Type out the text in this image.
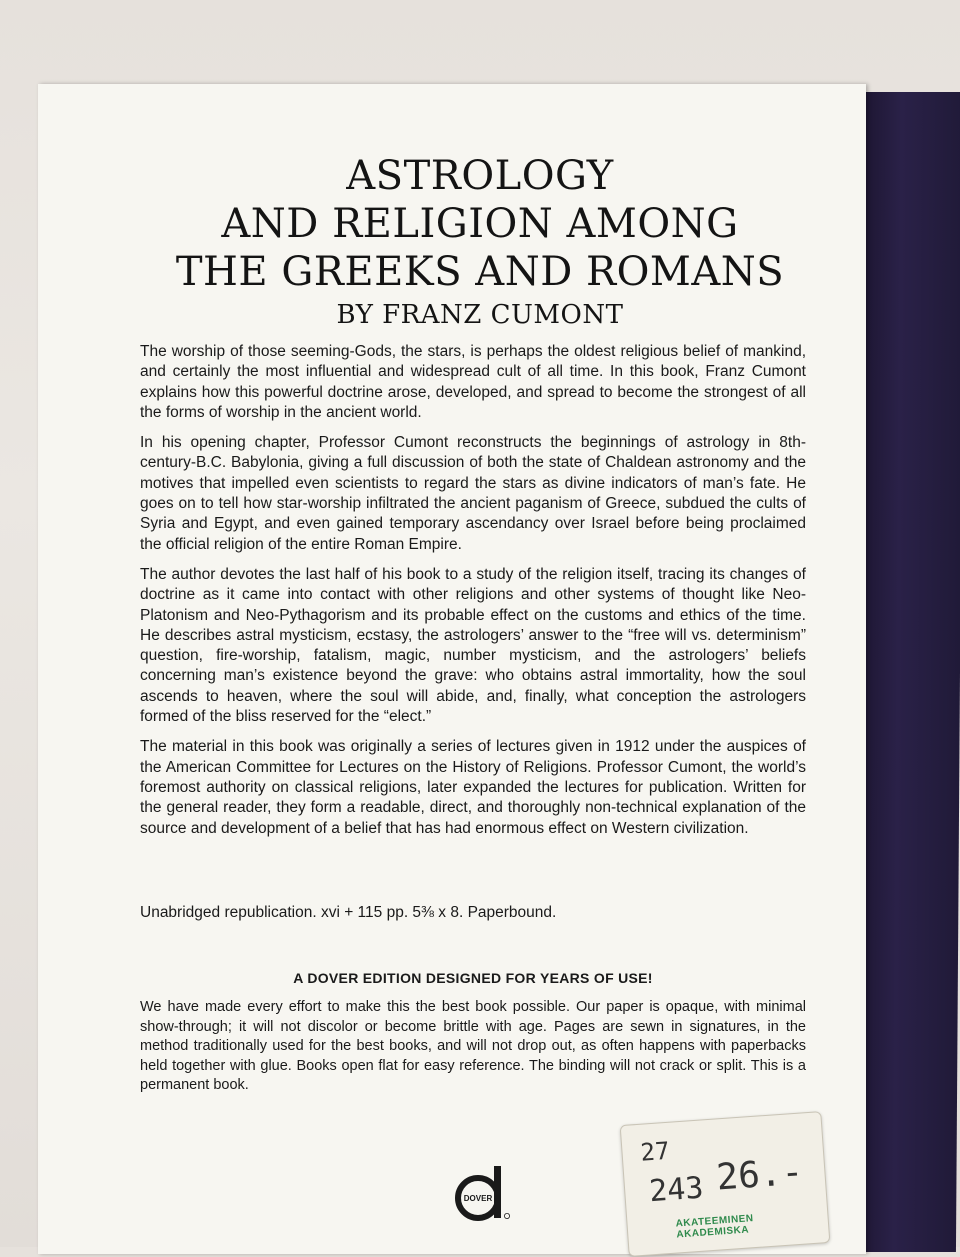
ASTROLOGY
AND RELIGION AMONG
THE GREEKS AND ROMANS
BY FRANZ CUMONT

The worship of those seeming-Gods, the stars, is perhaps the oldest religious belief of mankind, and certainly the most influential and widespread cult of all time. In this book, Franz Cumont explains how this powerful doctrine arose, developed, and spread to become the strongest of all the forms of worship in the ancient world.

In his opening chapter, Professor Cumont reconstructs the beginnings of astrology in 8th-century-B.C. Babylonia, giving a full discussion of both the state of Chaldean astronomy and the motives that impelled even scientists to regard the stars as divine indicators of man’s fate. He goes on to tell how star-worship infiltrated the ancient paganism of Greece, subdued the cults of Syria and Egypt, and even gained temporary ascendancy over Israel before being proclaimed the official religion of the entire Roman Empire.

The author devotes the last half of his book to a study of the religion itself, tracing its changes of doctrine as it came into contact with other religions and other systems of thought like Neo-Platonism and Neo-Pythagorism and its probable effect on the customs and ethics of the time. He describes astral mysticism, ecstasy, the astrologers’ answer to the “free will vs. determinism” question, fire-worship, fatalism, magic, number mysticism, and the astrologers’ beliefs concerning man’s existence beyond the grave: who obtains astral immortality, how the soul ascends to heaven, where the soul will abide, and, finally, what conception the astrologers formed of the bliss reserved for the “elect.”

The material in this book was originally a series of lectures given in 1912 under the auspices of the American Committee for Lectures on the History of Religions. Professor Cumont, the world’s foremost authority on classical religions, later expanded the lectures for publication. Written for the general reader, they form a readable, direct, and thoroughly non-technical explanation of the source and development of a belief that has had enormous effect on Western civilization.

Unabridged republication. xvi + 115 pp. 5⅜ x 8. Paperbound.

A DOVER EDITION DESIGNED FOR YEARS OF USE!

We have made every effort to make this the best book possible. Our paper is opaque, with minimal show-through; it will not discolor or become brittle with age. Pages are sewn in signatures, in the method traditionally used for the best books, and will not drop out, as often happens with paperbacks held together with glue. Books open flat for easy reference. The binding will not crack or split. This is a permanent book.

DOVER
27
243 26.-
AKATEEMINEN AKADEMISKA
